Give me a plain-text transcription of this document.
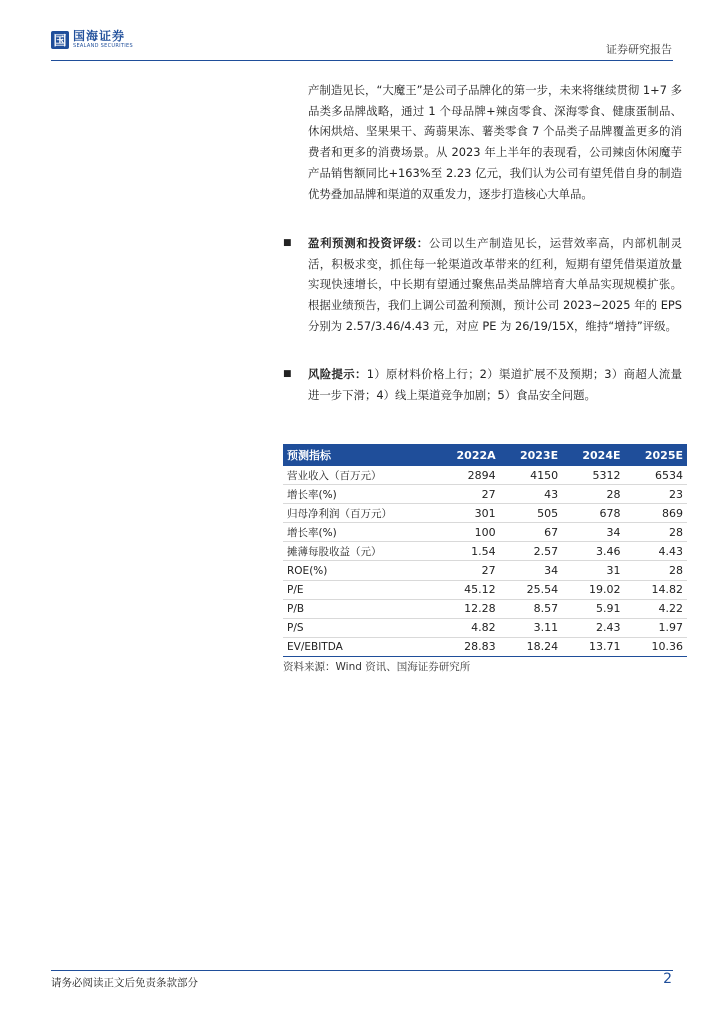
国 国海证券
SEALAND SECURITIES	证券研究报告
产制造见长，“大魔王”是公司子品牌化的第一步，未来将继续贯彻 1+7 多品类多品牌战略，通过 1 个母品牌+辣卤零食、深海零食、健康蛋制品、休闲烘焙、坚果果干、蒟蒻果冻、薯类零食 7 个品类子品牌覆盖更多的消费者和更多的消费场景。从 2023 年上半年的表现看，公司辣卤休闲魔芋产品销售额同比+163%至 2.23 亿元，我们认为公司有望凭借自身的制造优势叠加品牌和渠道的双重发力，逐步打造核心大单品。
■ 盈利预测和投资评级：公司以生产制造见长，运营效率高，内部机制灵活，积极求变，抓住每一轮渠道改革带来的红利，短期有望凭借渠道放量实现快速增长，中长期有望通过聚焦品类品牌培育大单品实现规模扩张。根据业绩预告，我们上调公司盈利预测，预计公司 2023~2025 年的 EPS 分别为 2.57/3.46/4.43 元，对应 PE 为 26/19/15X，维持“增持”评级。
■ 风险提示：1）原材料价格上行；2）渠道扩展不及预期；3）商超人流量进一步下滑；4）线上渠道竞争加剧；5）食品安全问题。
预测指标	2022A	2023E	2024E	2025E
营业收入（百万元）	2894	4150	5312	6534
增长率(%)	27	43	28	23
归母净利润（百万元）	301	505	678	869
增长率(%)	100	67	34	28
摊薄每股收益（元）	1.54	2.57	3.46	4.43
ROE(%)	27	34	31	28
P/E	45.12	25.54	19.02	14.82
P/B	12.28	8.57	5.91	4.22
P/S	4.82	3.11	2.43	1.97
EV/EBITDA	28.83	18.24	13.71	10.36
资料来源：Wind 资讯、国海证券研究所
请务必阅读正文后免责条款部分	2
